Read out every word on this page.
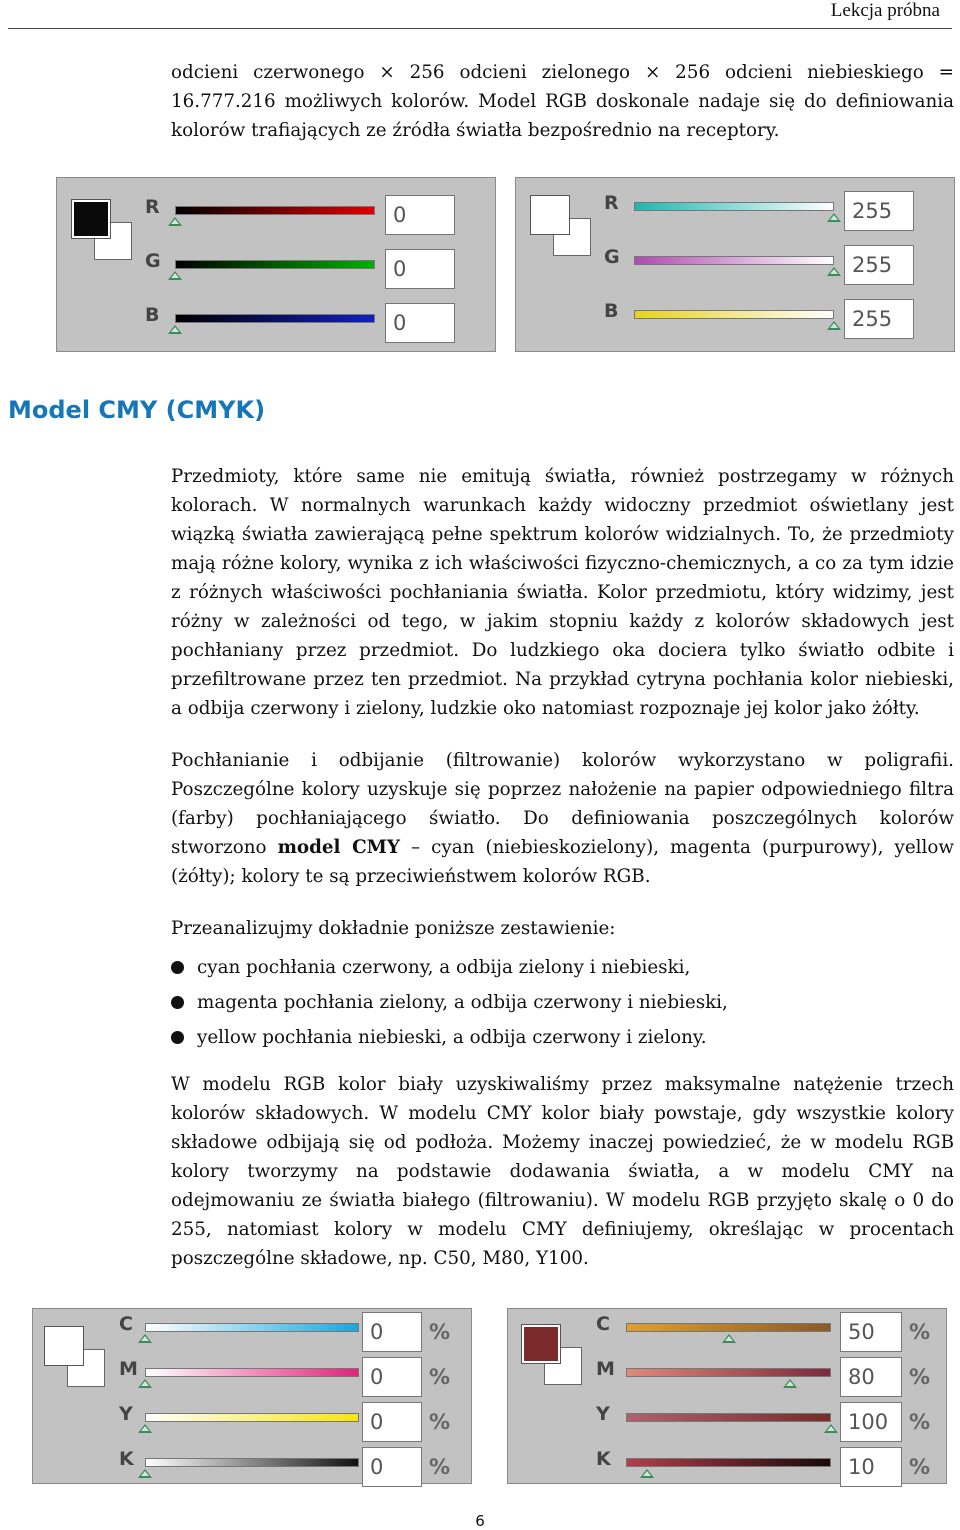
Lekcja próbna
odcieni czerwonego × 256 odcieni zielonego × 256 odcieni niebieskiego = 16.777.216 możliwych kolorów. Model RGB doskonale nadaje się do definiowania kolorów trafiających ze źródła światła bezpośrednio na receptory.
R	0
G	0
B	0
R	255
G	255
B	255
Model CMY (CMYK)
Przedmioty, które same nie emitują światła, również postrzegamy w różnych kolorach. W normalnych warunkach każdy widoczny przedmiot oświetlany jest wiązką światła zawierającą pełne spektrum kolorów widzialnych. To, że przedmioty mają różne kolory, wynika z ich właściwości fizyczno-chemicznych, a co za tym idzie z różnych właściwości pochłaniania światła. Kolor przedmiotu, który widzimy, jest różny w zależności od tego, w jakim stopniu każdy z kolorów składowych jest pochłaniany przez przedmiot. Do ludzkiego oka dociera tylko światło odbite i przefiltrowane przez ten przedmiot. Na przykład cytryna pochłania kolor niebieski, a odbija czerwony i zielony, ludzkie oko natomiast rozpoznaje jej kolor jako żółty.
Pochłanianie i odbijanie (filtrowanie) kolorów wykorzystano w poligrafii. Poszczególne kolory uzyskuje się poprzez nałożenie na papier odpowiedniego filtra (farby) pochłaniającego światło. Do definiowania poszczególnych kolorów stworzono model CMY – cyan (niebieskozielony), magenta (purpurowy), yellow (żółty); kolory te są przeciwieństwem kolorów RGB.
Przeanalizujmy dokładnie poniższe zestawienie:
cyan pochłania czerwony, a odbija zielony i niebieski,
magenta pochłania zielony, a odbija czerwony i niebieski,
yellow pochłania niebieski, a odbija czerwony i zielony.
W modelu RGB kolor biały uzyskiwaliśmy przez maksymalne natężenie trzech kolorów składowych. W modelu CMY kolor biały powstaje, gdy wszystkie kolory składowe odbijają się od podłoża. Możemy inaczej powiedzieć, że w modelu RGB kolory tworzymy na podstawie dodawania światła, a w modelu CMY na odejmowaniu ze światła białego (filtrowaniu). W modelu RGB przyjęto skalę o 0 do 255, natomiast kolory w modelu CMY definiujemy, określając w procentach poszczególne składowe, np. C50, M80, Y100.
C	0	%
M	0	%
Y	0	%
K	0	%
C	50	%
M	80	%
Y	100 %
K	10	%
6
